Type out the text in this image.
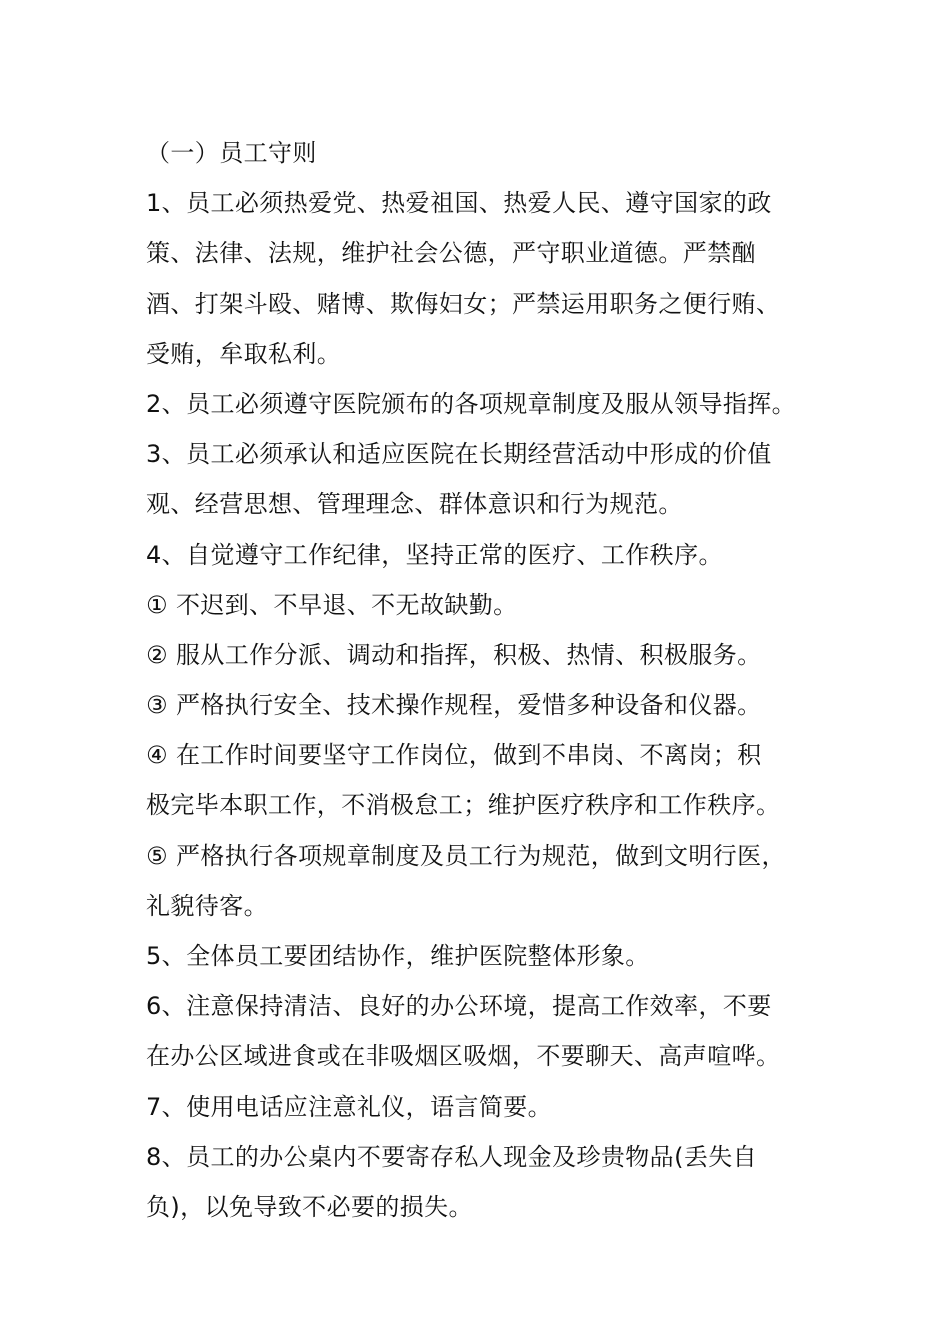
（一）员工守则
1、员工必须热爱党、热爱祖国、热爱人民、遵守国家的政
策、法律、法规，维护社会公德，严守职业道德。严禁酗
酒、打架斗殴、赌博、欺侮妇女；严禁运用职务之便行贿、
受贿，牟取私利。
2、员工必须遵守医院颁布的各项规章制度及服从领导指挥。
3、员工必须承认和适应医院在长期经营活动中形成的价值
观、经营思想、管理理念、群体意识和行为规范。
4、自觉遵守工作纪律，坚持正常的医疗、工作秩序。
① 不迟到、不早退、不无故缺勤。
② 服从工作分派、调动和指挥，积极、热情、积极服务。
③ 严格执行安全、技术操作规程，爱惜多种设备和仪器。
④ 在工作时间要坚守工作岗位，做到不串岗、不离岗；积
极完毕本职工作，不消极怠工；维护医疗秩序和工作秩序。
⑤ 严格执行各项规章制度及员工行为规范，做到文明行医，
礼貌待客。
5、全体员工要团结协作，维护医院整体形象。
6、注意保持清洁、良好的办公环境，提高工作效率，不要
在办公区域进食或在非吸烟区吸烟，不要聊天、高声喧哗。
7、使用电话应注意礼仪，语言简要。
8、员工的办公桌内不要寄存私人现金及珍贵物品(丢失自
负)，以免导致不必要的损失。
